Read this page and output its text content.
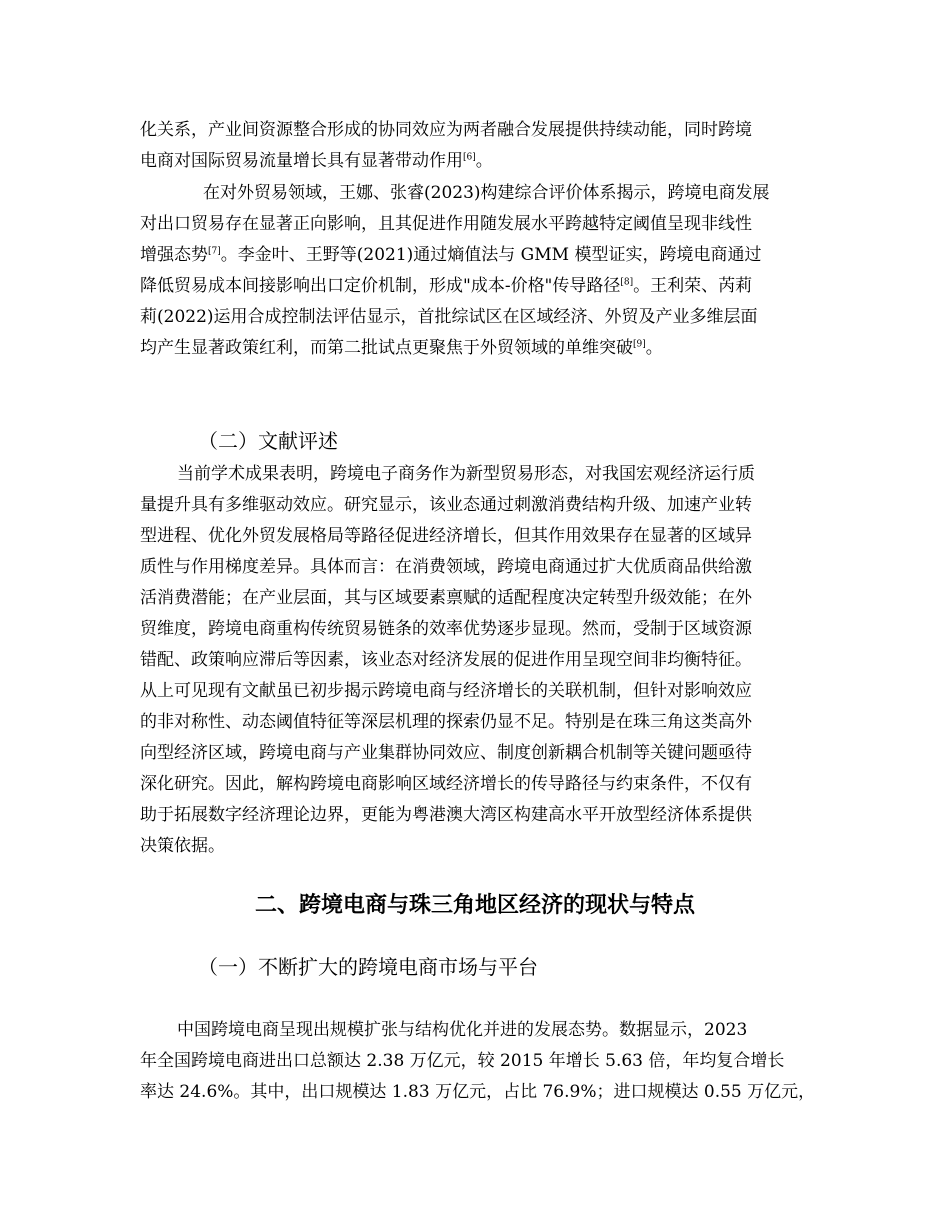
化关系，产业间资源整合形成的协同效应为两者融合发展提供持续动能，同时跨境
电商对国际贸易流量增长具有显著带动作用[6]。
在对外贸易领域，王娜、张睿(2023)构建综合评价体系揭示，跨境电商发展
对出口贸易存在显著正向影响，且其促进作用随发展水平跨越特定阈值呈现非线性
增强态势[7]。李金叶、王野等(2021)通过熵值法与 GMM 模型证实，跨境电商通过
降低贸易成本间接影响出口定价机制，形成"成本-价格"传导路径[8]。王利荣、芮莉
莉(2022)运用合成控制法评估显示，首批综试区在区域经济、外贸及产业多维层面
均产生显著政策红利，而第二批试点更聚焦于外贸领域的单维突破[9]。
（二）文献评述
当前学术成果表明，跨境电子商务作为新型贸易形态，对我国宏观经济运行质
量提升具有多维驱动效应。研究显示，该业态通过刺激消费结构升级、加速产业转
型进程、优化外贸发展格局等路径促进经济增长，但其作用效果存在显著的区域异
质性与作用梯度差异。具体而言：在消费领域，跨境电商通过扩大优质商品供给激
活消费潜能；在产业层面，其与区域要素禀赋的适配程度决定转型升级效能；在外
贸维度，跨境电商重构传统贸易链条的效率优势逐步显现。然而，受制于区域资源
错配、政策响应滞后等因素，该业态对经济发展的促进作用呈现空间非均衡特征。
从上可见现有文献虽已初步揭示跨境电商与经济增长的关联机制，但针对影响效应
的非对称性、动态阈值特征等深层机理的探索仍显不足。特别是在珠三角这类高外
向型经济区域，跨境电商与产业集群协同效应、制度创新耦合机制等关键问题亟待
深化研究。因此，解构跨境电商影响区域经济增长的传导路径与约束条件，不仅有
助于拓展数字经济理论边界，更能为粤港澳大湾区构建高水平开放型经济体系提供
决策依据。
二、跨境电商与珠三角地区经济的现状与特点
（一）不断扩大的跨境电商市场与平台
中国跨境电商呈现出规模扩张与结构优化并进的发展态势。数据显示，2023
年全国跨境电商进出口总额达 2.38 万亿元，较 2015 年增长 5.63 倍，年均复合增长
率达 24.6%。其中，出口规模达 1.83 万亿元，占比 76.9%；进口规模达 0.55 万亿元，
